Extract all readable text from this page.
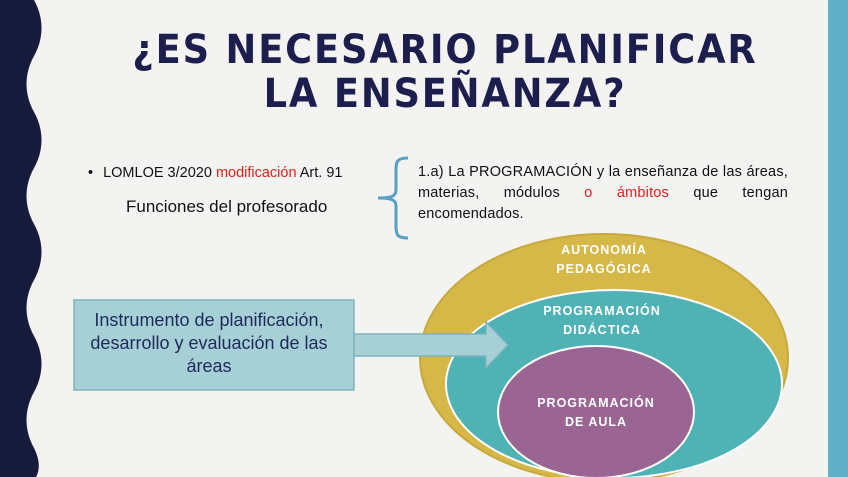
¿ES NECESARIO PLANIFICAR LA ENSEÑANZA?
• LOMLOE 3/2020 modificación Art. 91
Funciones del profesorado
1.a) La PROGRAMACIÓN y la enseñanza de las áreas, materias, módulos o ámbitos que tengan encomendados.
AUTONOMÍA PEDAGÓGICA
PROGRAMACIÓN DIDÁCTICA
PROGRAMACIÓN DE AULA
Instrumento de planificación, desarrollo y evaluación de las áreas
